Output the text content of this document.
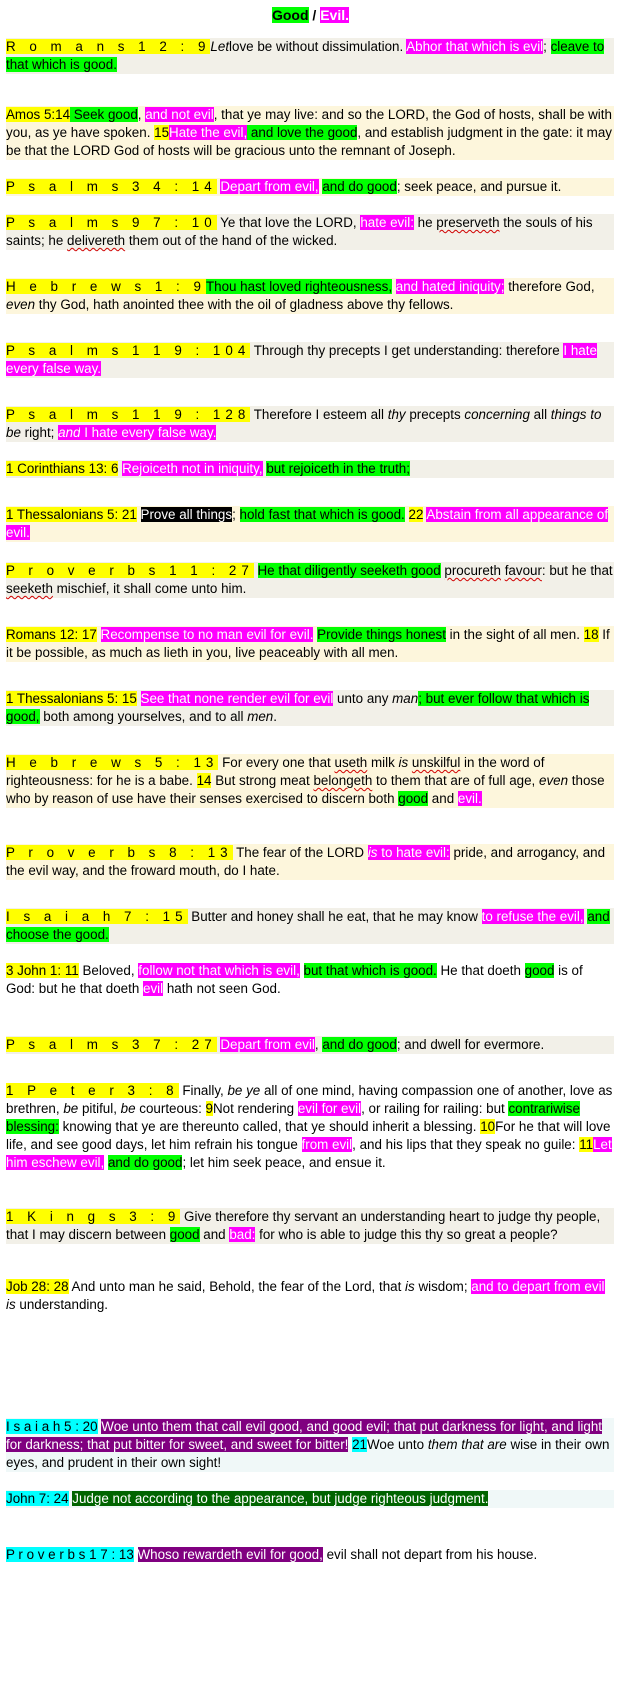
Good / Evil.
R o m a n s 1 2 : 9Letlove be without dissimulation. Abhor that which is evil; cleave to that which is good.
Amos 5:14 Seek good, and not evil, that ye may live: and so the LORD, the God of hosts, shall be with you, as ye have spoken. 15Hate the evil, and love the good, and establish judgment in the gate: it may be that the LORD God of hosts will be gracious unto the remnant of Joseph.
P s a l m s 3 4 : 14 Depart from evil, and do good; seek peace, and pursue it.
P s a l m s 9 7 : 10 Ye that love the LORD, hate evil: he preserveth the souls of his saints; he delivereth them out of the hand of the wicked.
H e b r e w s 1 : 9Thou hast loved righteousness, and hated iniquity; therefore God, even thy God, hath anointed thee with the oil of gladness above thy fellows.
P s a l m s 1 1 9 : 104 Through thy precepts I get understanding: therefore I hate every false way.
P s a l m s 1 1 9 : 128 Therefore I esteem all thy precepts concerning all things to be right; and I hate every false way.
1 Corinthians 13: 6 Rejoiceth not in iniquity, but rejoiceth in the truth;
1 Thessalonians 5: 21 Prove all things; hold fast that which is good. 22 Abstain from all appearance of evil.
P r o v e r b s 1 1 : 27 He that diligently seeketh good procureth favour: but he that seeketh mischief, it shall come unto him.
Romans 12: 17 Recompense to no man evil for evil. Provide things honest in the sight of all men. 18 If it be possible, as much as lieth in you, live peaceably with all men.
1 Thessalonians 5: 15 See that none render evil for evil unto any man; but ever follow that which is good, both among yourselves, and to all men.
H e b r e w s 5 : 13 For every one that useth milk is unskilful in the word of righteousness: for he is a babe. 14 But strong meat belongeth to them that are of full age, even those who by reason of use have their senses exercised to discern both good and evil.
P r o v e r b s 8 : 13 The fear of the LORD is to hate evil: pride, and arrogancy, and the evil way, and the froward mouth, do I hate.
I s a i a h 7 : 15 Butter and honey shall he eat, that he may know to refuse the evil, and choose the good.
3 John 1: 11 Beloved, follow not that which is evil, but that which is good. He that doeth good is of God: but he that doeth evil hath not seen God.
P s a l m s 3 7 : 27 Depart from evil, and do good; and dwell for evermore.
1 P e t e r 3 : 8 Finally, be ye all of one mind, having compassion one of another, love as brethren, be pitiful, be courteous: 9Not rendering evil for evil, or railing for railing: but contrariwise blessing: knowing that ye are thereunto called, that ye should inherit a blessing. 10For he that will love life, and see good days, let him refrain his tongue from evil, and his lips that they speak no guile: 11Let him eschew evil, and do good; let him seek peace, and ensue it.
1 K i n g s 3 : 9 Give therefore thy servant an understanding heart to judge thy people, that I may discern between good and bad: for who is able to judge this thy so great a people?
Job 28: 28 And unto man he said, Behold, the fear of the Lord, that is wisdom; and to depart from evil is understanding.
I s a i a h 5 : 20 Woe unto them that call evil good, and good evil; that put darkness for light, and light for darkness; that put bitter for sweet, and sweet for bitter! 21Woe unto them that are wise in their own eyes, and prudent in their own sight!
John 7: 24 Judge not according to the appearance, but judge righteous judgment.
P r o v e r b s 1 7 : 13 Whoso rewardeth evil for good, evil shall not depart from his house.
